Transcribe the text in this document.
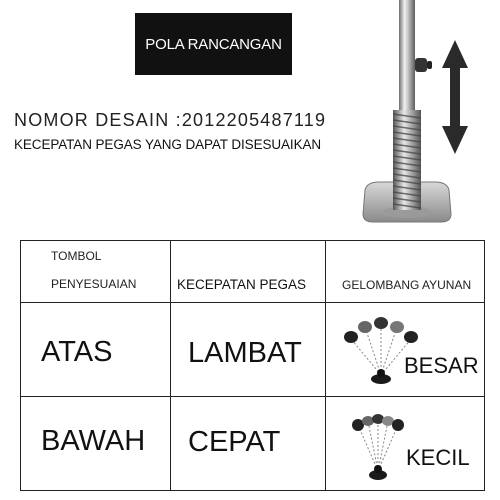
POLA RANCANGAN
NOMOR DESAIN :2012205487119
KECEPATAN PEGAS YANG DAPAT DISESUAIKAN
TOMBOL
PENYESUAIAN	KECEPATAN PEGAS	GELOMBANG AYUNAN

ATAS	LAMBAT	BESAR

BAWAH	CEPAT	KECIL
